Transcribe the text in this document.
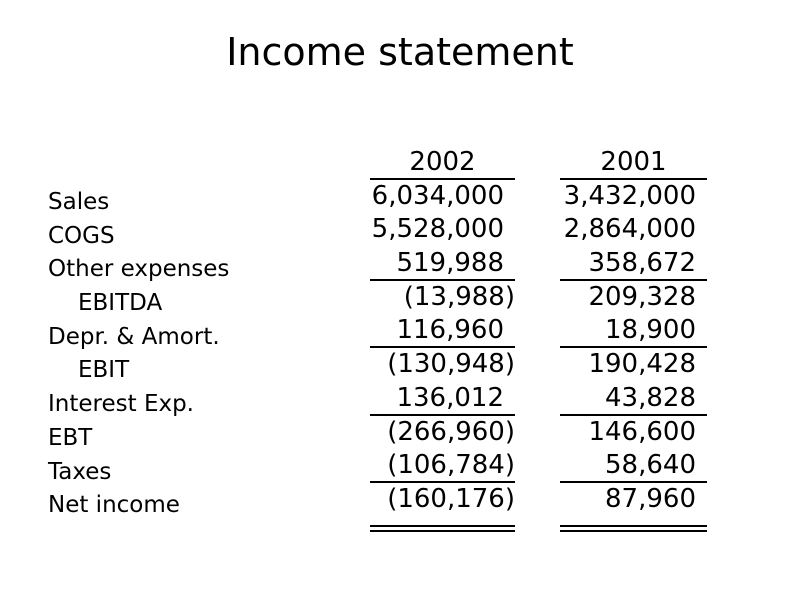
Income statement
Sales
COGS
Other expenses
EBITDA
Depr. & Amort.
EBIT
Interest Exp.
EBT
Taxes
Net income
2002
6,034,000
5,528,000
519,988
(13,988)
116,960
(130,948)
136,012
(266,960)
(106,784)
(160,176)
2001
3,432,000
2,864,000
358,672
209,328
18,900
190,428
43,828
146,600
58,640
87,960
